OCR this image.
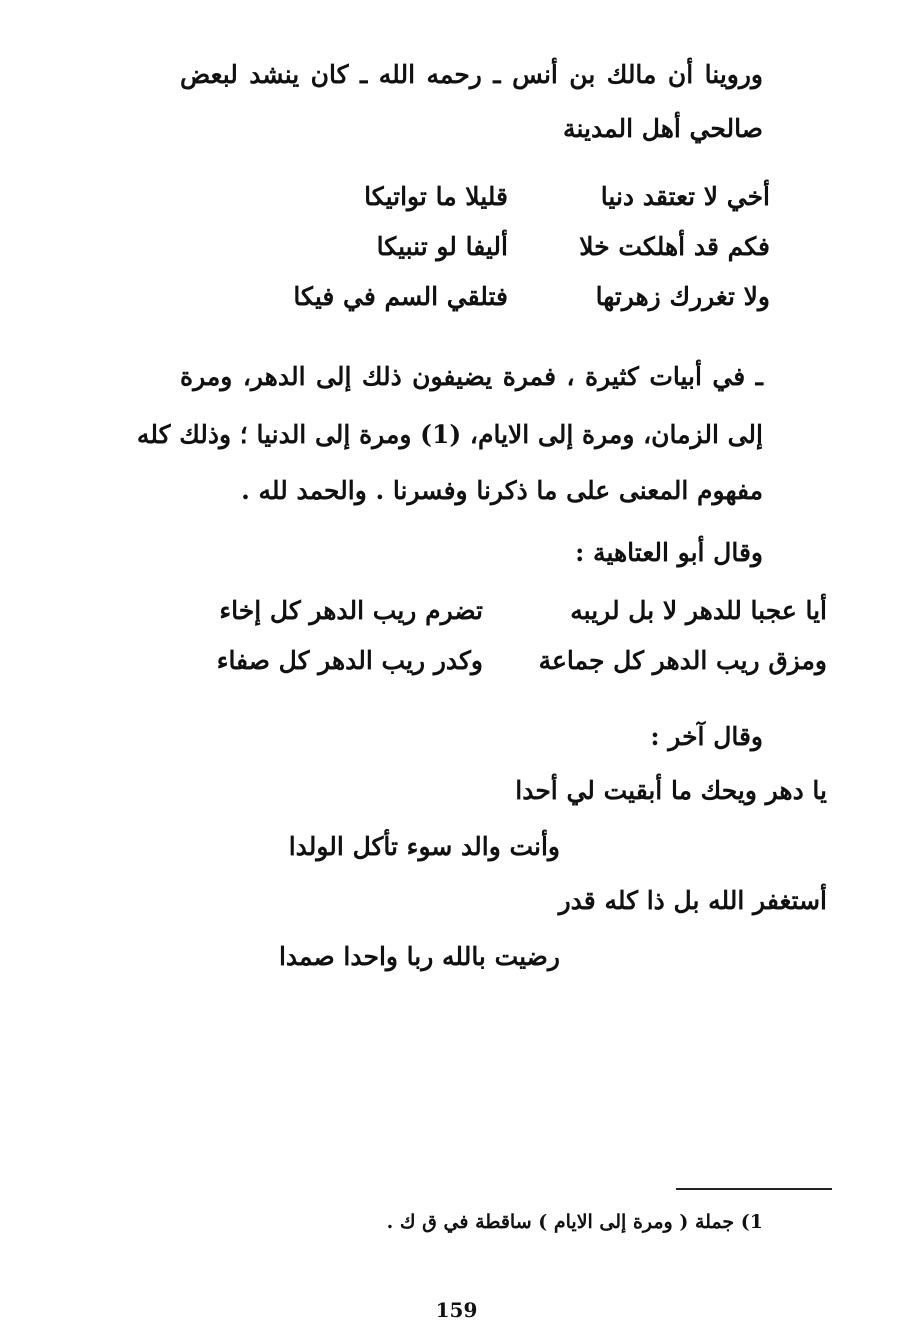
وروينا أن مالك بن أنس ـ رحمه الله ـ كان ينشد لبعض
صالحي أهل المدينة
أخي لا تعتقد دنيا
قليلا ما تواتيكا
فكم قد أهلكت خلا
أليفا لو تنبيكا
ولا تغررك زهرتها
فتلقي السم في فيكا
ـ في أبيات كثيرة ، فمرة يضيفون ذلك إلى الدهر، ومرة
إلى الزمان، ومرة إلى الايام، (1) ومرة إلى الدنيا ؛ وذلك كله
مفهوم المعنى على ما ذكرنا وفسرنا . والحمد لله .
وقال أبو العتاهية :
أيا عجبا للدهر لا بل لريبه
تضرم ريب الدهر كل إخاء
ومزق ريب الدهر كل جماعة
وكدر ريب الدهر كل صفاء
وقال آخر :
يا دهر ويحك ما أبقيت لي أحدا
وأنت والد سوء تأكل الولدا
أستغفر الله بل ذا كله قدر
رضيت بالله ربا واحدا صمدا
1) جملة ( ومرة إلى الايام ) ساقطة في ق ك .
159
